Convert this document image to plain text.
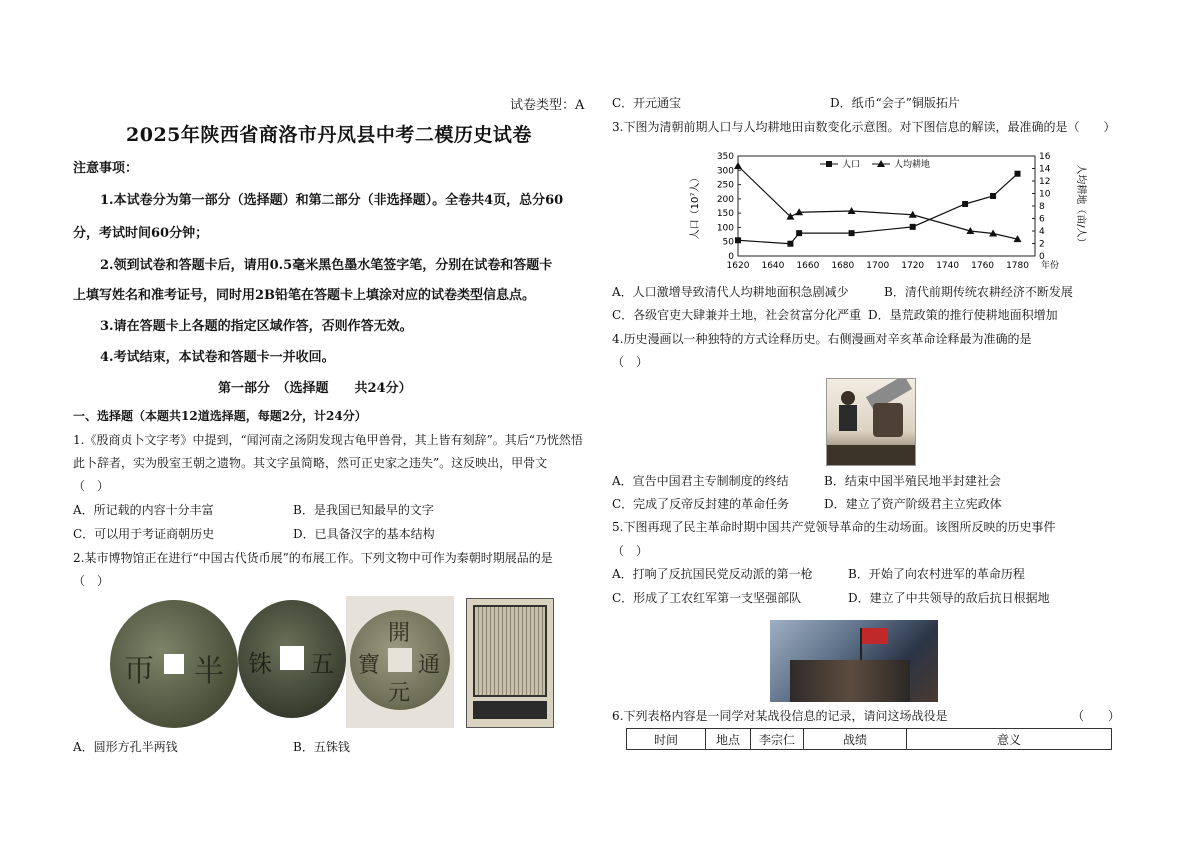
试卷类型：A
2025年陕西省商洛市丹凤县中考二模历史试卷
注意事项：
1.本试卷分为第一部分（选择题）和第二部分（非选择题）。全卷共4页，总分60
分，考试时间60分钟；
2.领到试卷和答题卡后，请用0.5毫米黑色墨水笔签字笔，分别在试卷和答题卡
上填写姓名和准考证号，同时用2B铅笔在答题卡上填涂对应的试卷类型信息点。
3.请在答题卡上各题的指定区域作答，否则作答无效。
4.考试结束，本试卷和答题卡一并收回。
第一部分　（选择题　　共24分）
一、选择题（本题共12道选择题，每题2分，计24分）
1.《殷商贞卜文字考》中提到，“闻河南之汤阴发现古龟甲兽骨，其上皆有刻辞”。其后“乃恍然悟
此卜辞者，实为殷室王朝之遗物。其文字虽简略，然可正史家之违失”。这反映出，甲骨文
（　）
A．所记载的内容十分丰富	B．是我国已知最早的文字
C．可以用于考证商朝历史	D．已具备汉字的基本结构
2.某市博物馆正在进行“中国古代货币展”的布展工作。下列文物中可作为秦朝时期展品的是
（　）
帀 半 铢 五
開
元
寶 通
A．圆形方孔半两钱	B．五铢钱
C．开元通宝	D．纸币“会子”铜版拓片
3.下图为清朝前期人口与人均耕地田亩数变化示意图。对下图信息的解读，最准确的是（　　）
0
50
100
150
200
250
300
350
0
2
4
6
8
10
12
14
16
1620 1640 1660 1680 1700 1720 1740 1760 1780 年份
人口（10⁷人）	人均耕地（亩/人）
人口	人均耕地
A．人口激增导致清代人均耕地面积急剧减少	B．清代前期传统农耕经济不断发展
C．各级官吏大肆兼并土地，社会贫富分化严重 D．垦荒政策的推行使耕地面积增加
4.历史漫画以一种独特的方式诠释历史。右侧漫画对辛亥革命诠释最为准确的是
（　）
A．宣告中国君主专制制度的终结	B．结束中国半殖民地半封建社会
C．完成了反帝反封建的革命任务	D．建立了资产阶级君主立宪政体
5.下图再现了民主革命时期中国共产党领导革命的生动场面。该图所反映的历史事件
（　）
A．打响了反抗国民党反动派的第一枪	B．开始了向农村进军的革命历程
C．形成了工农红军第一支坚强部队	D．建立了中共领导的敌后抗日根据地
6.下列表格内容是一同学对某战役信息的记录，请问这场战役是	（　　）
时间	地点	李宗仁	战绩	意义
